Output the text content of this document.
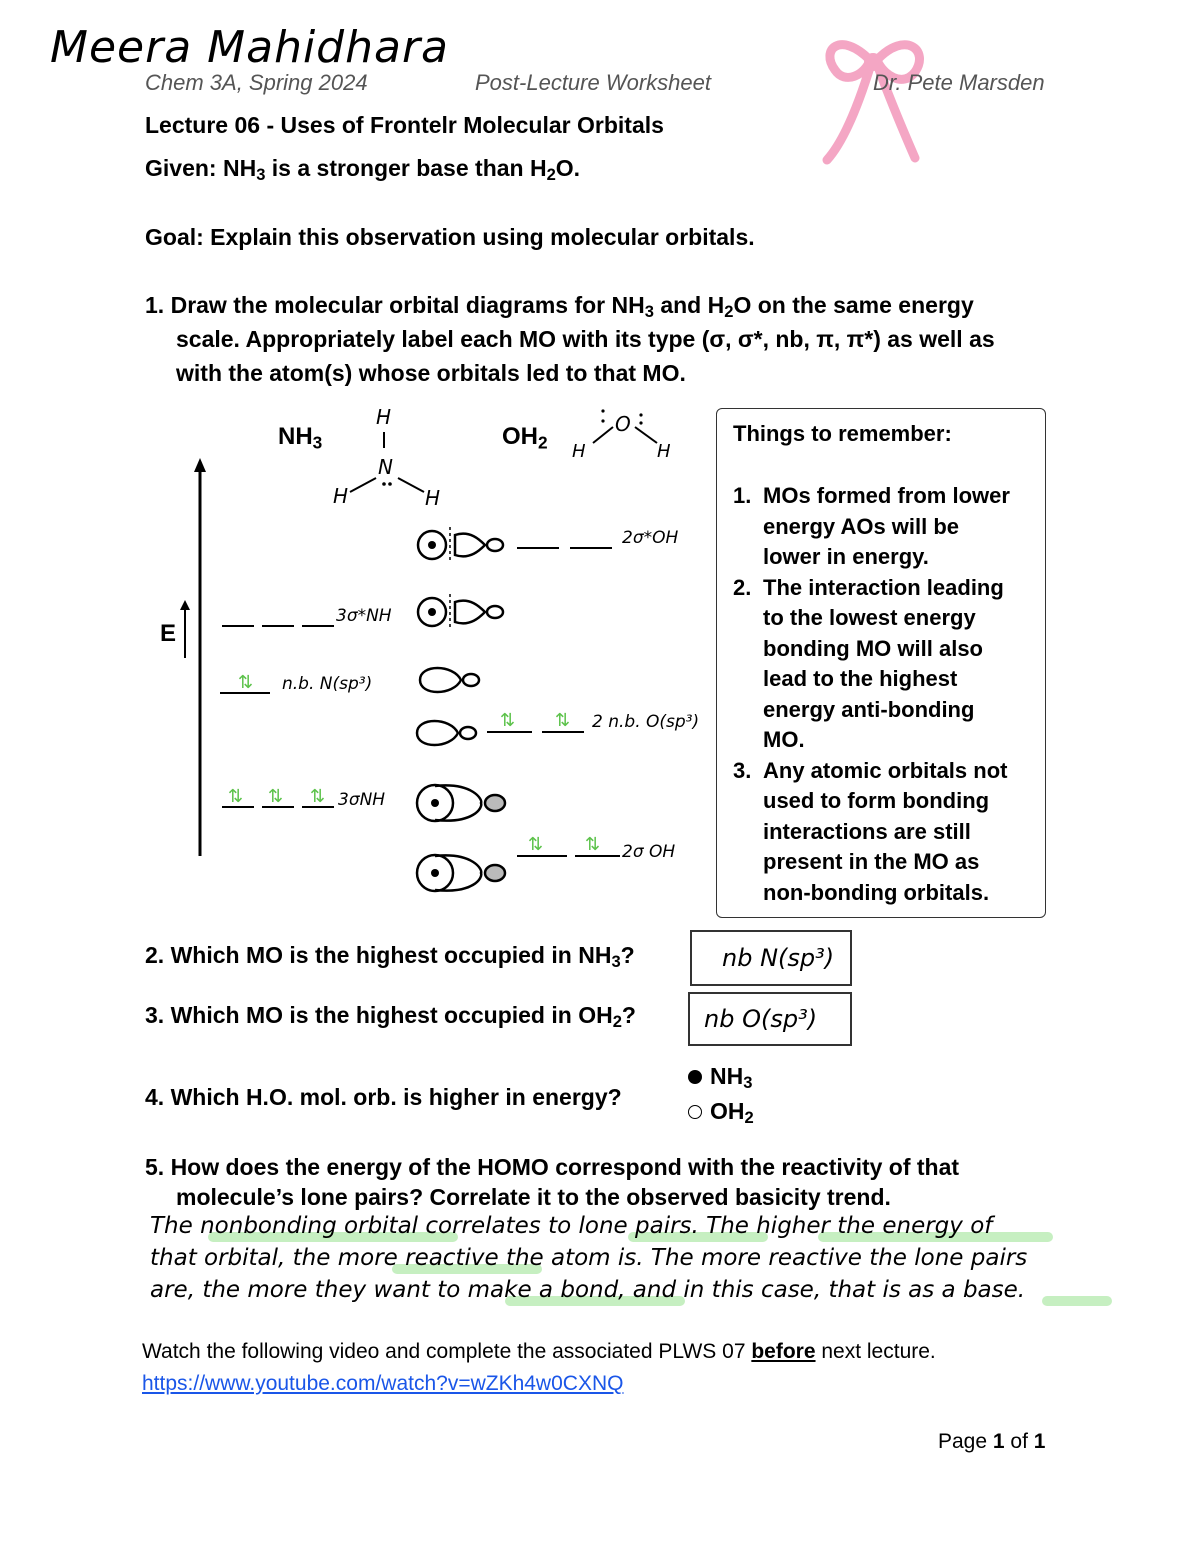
Meera Mahidhara
Chem 3A, Spring 2024	Post-Lecture Worksheet	Dr. Pete Marsden
Lecture 06 - Uses of Frontelr Molecular Orbitals
Given: $NH_3$ is a stronger base than $H_2O$.
Goal: Explain this observation using molecular orbitals.
1. Draw the molecular orbital diagrams for $NH_3$ and $H_2O$ on the same energy
scale. Appropriately label each MO with its type (σ, σ*, nb, π, π*) as well as
with the atom(s) whose orbitals led to that MO.
E
$NH_3$
H
N
H	H
$OH_2$
O
H	H
2σ*OH
3σ*NH
⇅ n.b. N(sp³)
⇅ ⇅ 2 n.b. O(sp³)
⇅ ⇅ ⇅ 3σNH
⇅ ⇅ 2σ OH
Things to remember:
1. MOs formed from lower
energy AOs will be
lower in energy.
2. The interaction leading
to the lowest energy
bonding MO will also
lead to the highest
energy anti-bonding
MO.
3. Any atomic orbitals not
used to form bonding
interactions are still
present in the MO as
non-bonding orbitals.
2. Which MO is the highest occupied in $NH_3$?	nb N(sp³)
3. Which MO is the highest occupied in $OH_2$?	nb O(sp³)
4. Which H.O. mol. orb. is higher in energy?
$NH_3$
$OH_2$
5. How does the energy of the HOMO correspond with the reactivity of that
molecule’s lone pairs? Correlate it to the observed basicity trend.
The nonbonding orbital correlates to lone pairs. The higher the energy of
that orbital, the more reactive the atom is. The more reactive the lone pairs
are, the more they want to make a bond, and in this case, that is as a base.
Watch the following video and complete the associated PLWS 07 before next lecture.
https://www.youtube.com/watch?v=wZKh4w0CXNQ
Page 1 of 1
